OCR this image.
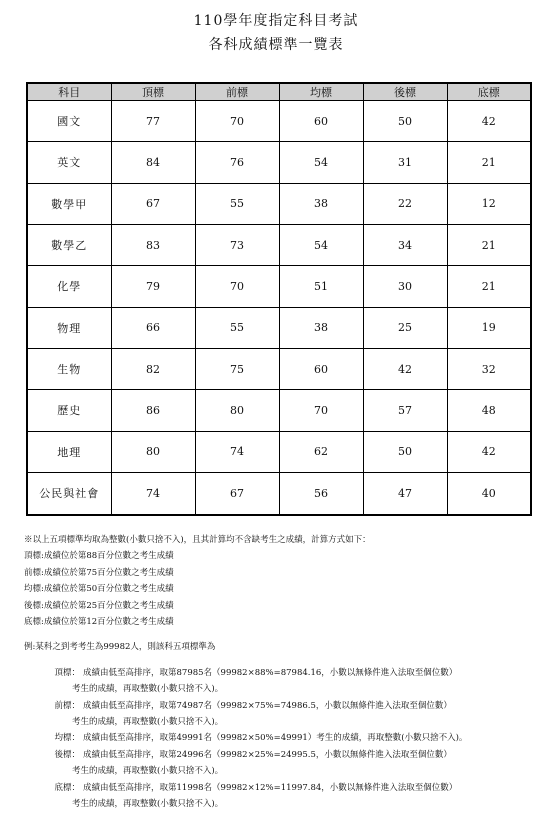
110學年度指定科目考試
各科成績標準一覽表
科目	頂標	前標	均標	後標	底標
國文	77	70	60	50	42
英文	84	76	54	31	21
數學甲	67	55	38	22	12
數學乙	83	73	54	34	21
化學	79	70	51	30	21
物理	66	55	38	25	19
生物	82	75	60	42	32
歷史	86	80	70	57	48
地理	80	74	62	50	42
公民與社會	74	67	56	47	40
※以上五項標準均取為整數(小數只捨不入)，且其計算均不含缺考生之成績，計算方式如下：
頂標:成績位於第88百分位數之考生成績
前標:成績位於第75百分位數之考生成績
均標:成績位於第50百分位數之考生成績
後標:成績位於第25百分位數之考生成績
底標:成績位於第12百分位數之考生成績
例:某科之到考考生為99982人，則該科五項標準為
頂標： 成績由低至高排序，取第87985名（99982×88%=87984.16，小數以無條件進入法取至個位數）
考生的成績，再取整數(小數只捨不入)。
前標： 成績由低至高排序，取第74987名（99982×75%=74986.5，小數以無條件進入法取至個位數）
考生的成績，再取整數(小數只捨不入)。
均標： 成績由低至高排序，取第49991名（99982×50%=49991）考生的成績，再取整數(小數只捨不入)。
後標： 成績由低至高排序，取第24996名（99982×25%=24995.5，小數以無條件進入法取至個位數）
考生的成績，再取整數(小數只捨不入)。
底標： 成績由低至高排序，取第11998名（99982×12%=11997.84，小數以無條件進入法取至個位數）
考生的成績，再取整數(小數只捨不入)。
